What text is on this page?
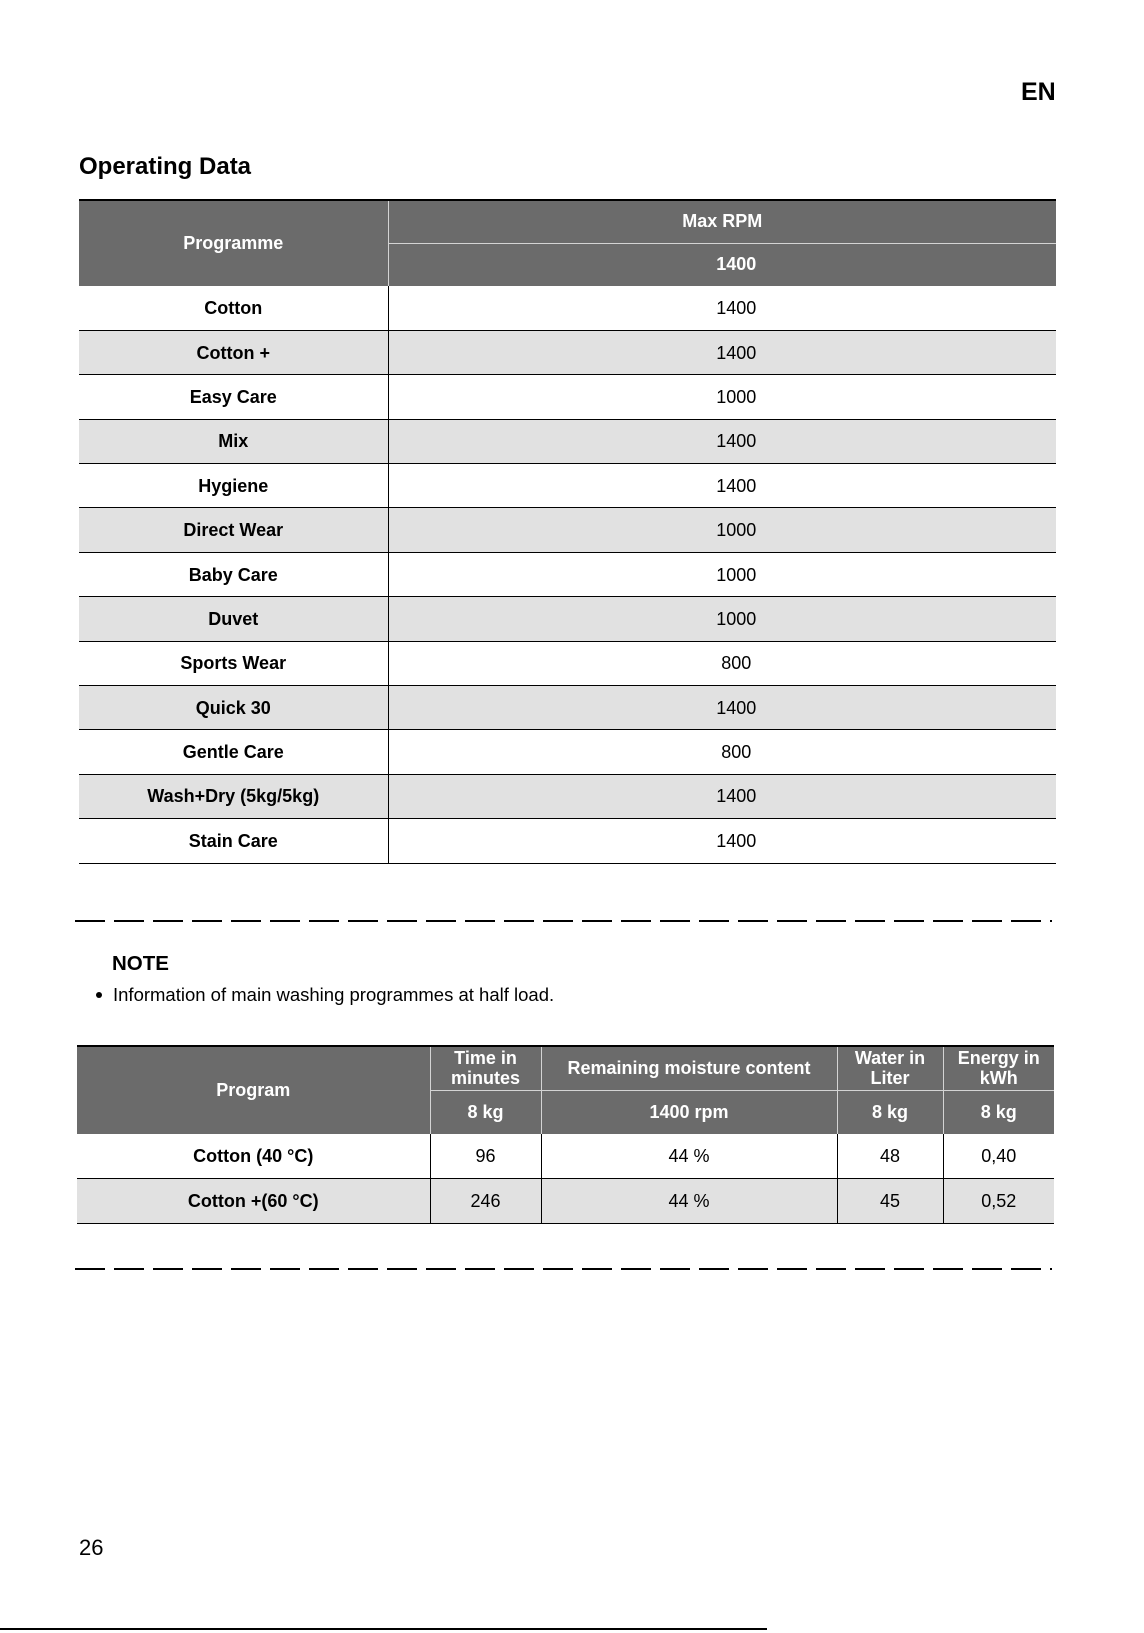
EN
Operating Data
Programme	Max RPM
	1400
Cotton	1400
Cotton +	1400
Easy Care	1000
Mix	1400
Hygiene	1400
Direct Wear	1000
Baby Care	1000
Duvet	1000
Sports Wear	800
Quick 30	1400
Gentle Care	800
Wash+Dry (5kg/5kg)	1400
Stain Care	1400
NOTE
Information of main washing programmes at half load.
Program	Time in minutes	Remaining moisture content	Water in Liter	Energy in kWh
	8 kg	1400 rpm	8 kg	8 kg
Cotton (40 °C)	96	44 %	48	0,40
Cotton +(60 °C)	246	44 %	45	0,52
26
